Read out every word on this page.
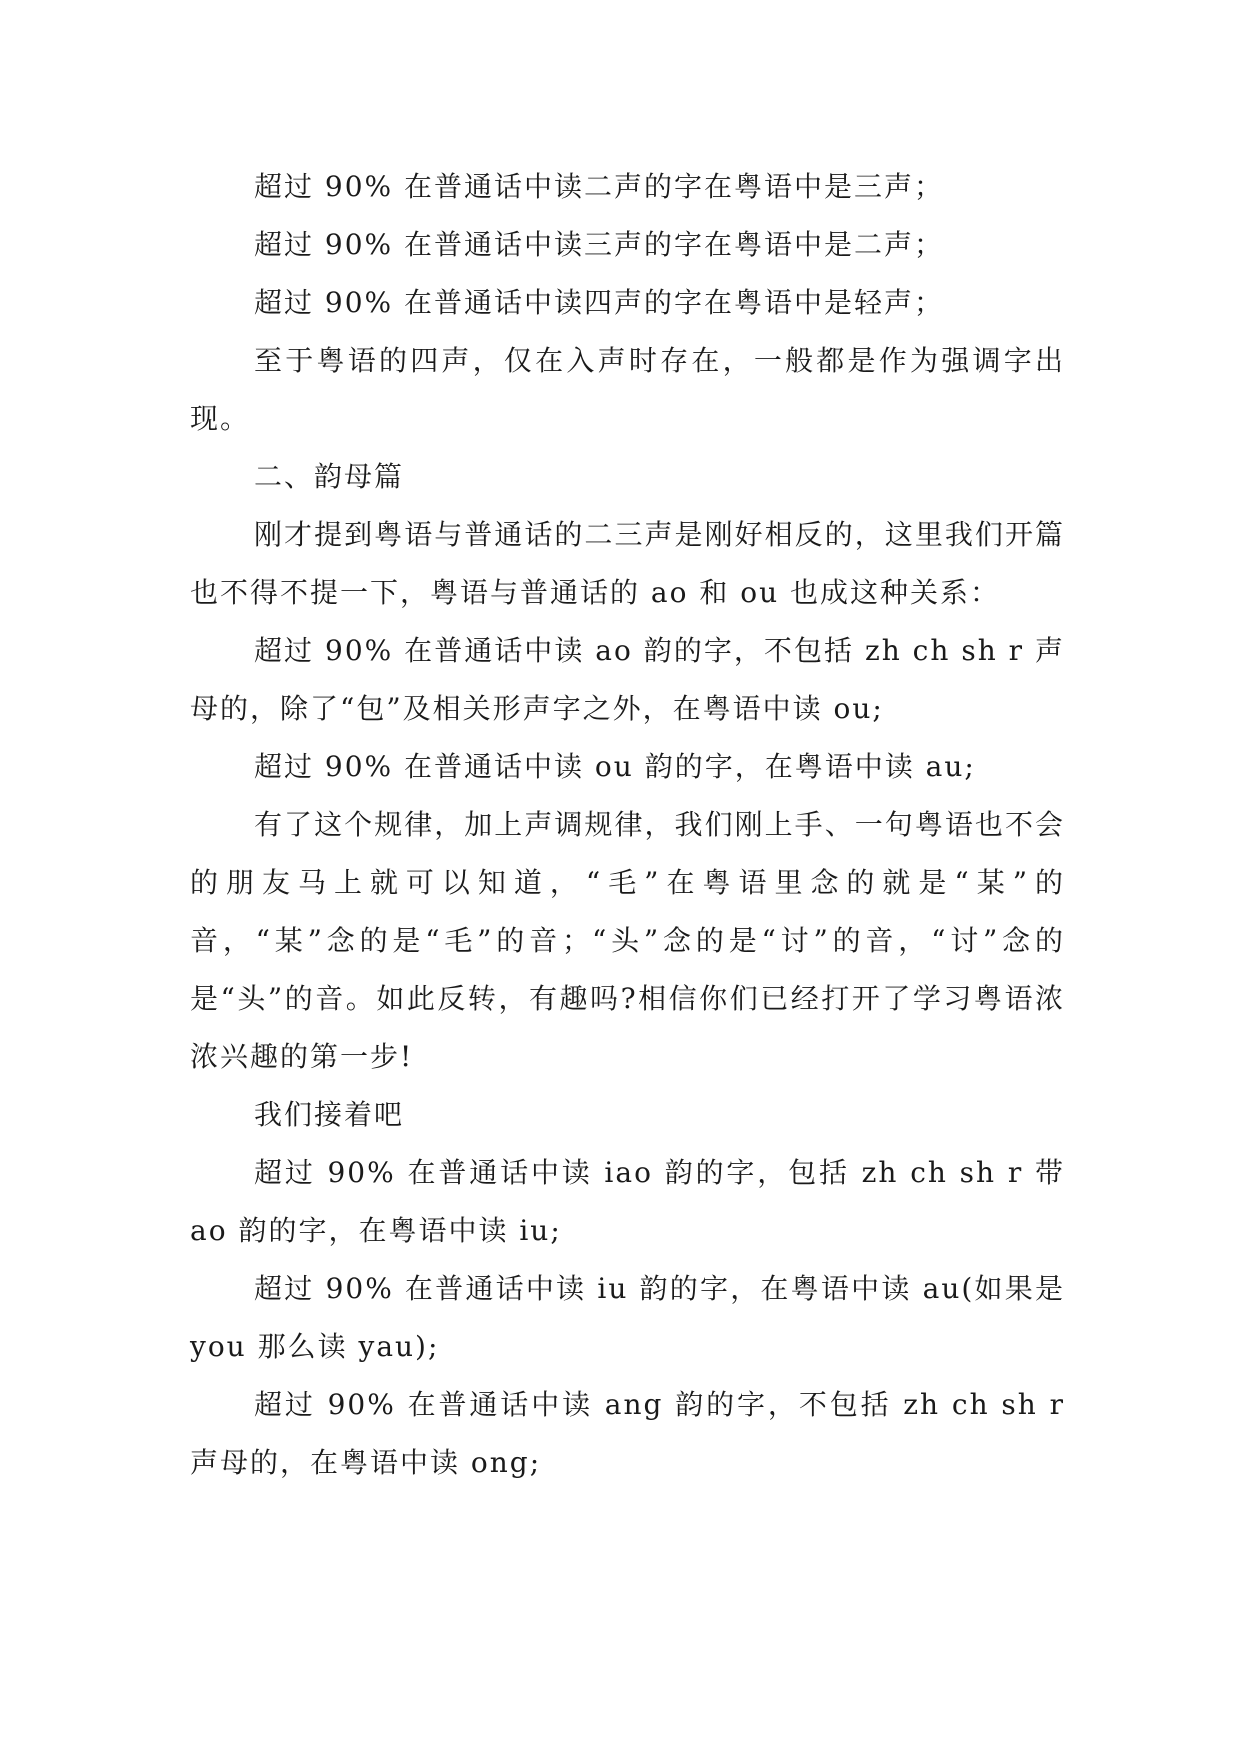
超过 90% 在普通话中读二声的字在粤语中是三声；

超过 90% 在普通话中读三声的字在粤语中是二声；

超过 90% 在普通话中读四声的字在粤语中是轻声；

至于粤语的四声，仅在入声时存在，一般都是作为强调字出现。

二、韵母篇

刚才提到粤语与普通话的二三声是刚好相反的，这里我们开篇也不得不提一下，粤语与普通话的 ao 和 ou 也成这种关系：

超过 90% 在普通话中读 ao 韵的字，不包括 zh ch sh r 声母的，除了“包”及相关形声字之外，在粤语中读 ou;

超过 90% 在普通话中读 ou 韵的字，在粤语中读 au;

有了这个规律，加上声调规律，我们刚上手、一句粤语也不会的朋友马上就可以知道，“毛”在粤语里念的就是“某”的音，“某”念的是“毛”的音；“头”念的是“讨”的音，“讨”念的是“头”的音。如此反转，有趣吗?相信你们已经打开了学习粤语浓浓兴趣的第一步!

我们接着吧

超过 90% 在普通话中读 iao 韵的字，包括 zh ch sh r 带 ao 韵的字，在粤语中读 iu;

超过 90% 在普通话中读 iu 韵的字，在粤语中读 au(如果是 you 那么读 yau);

超过 90% 在普通话中读 ang 韵的字，不包括 zh ch sh r 声母的，在粤语中读 ong;
